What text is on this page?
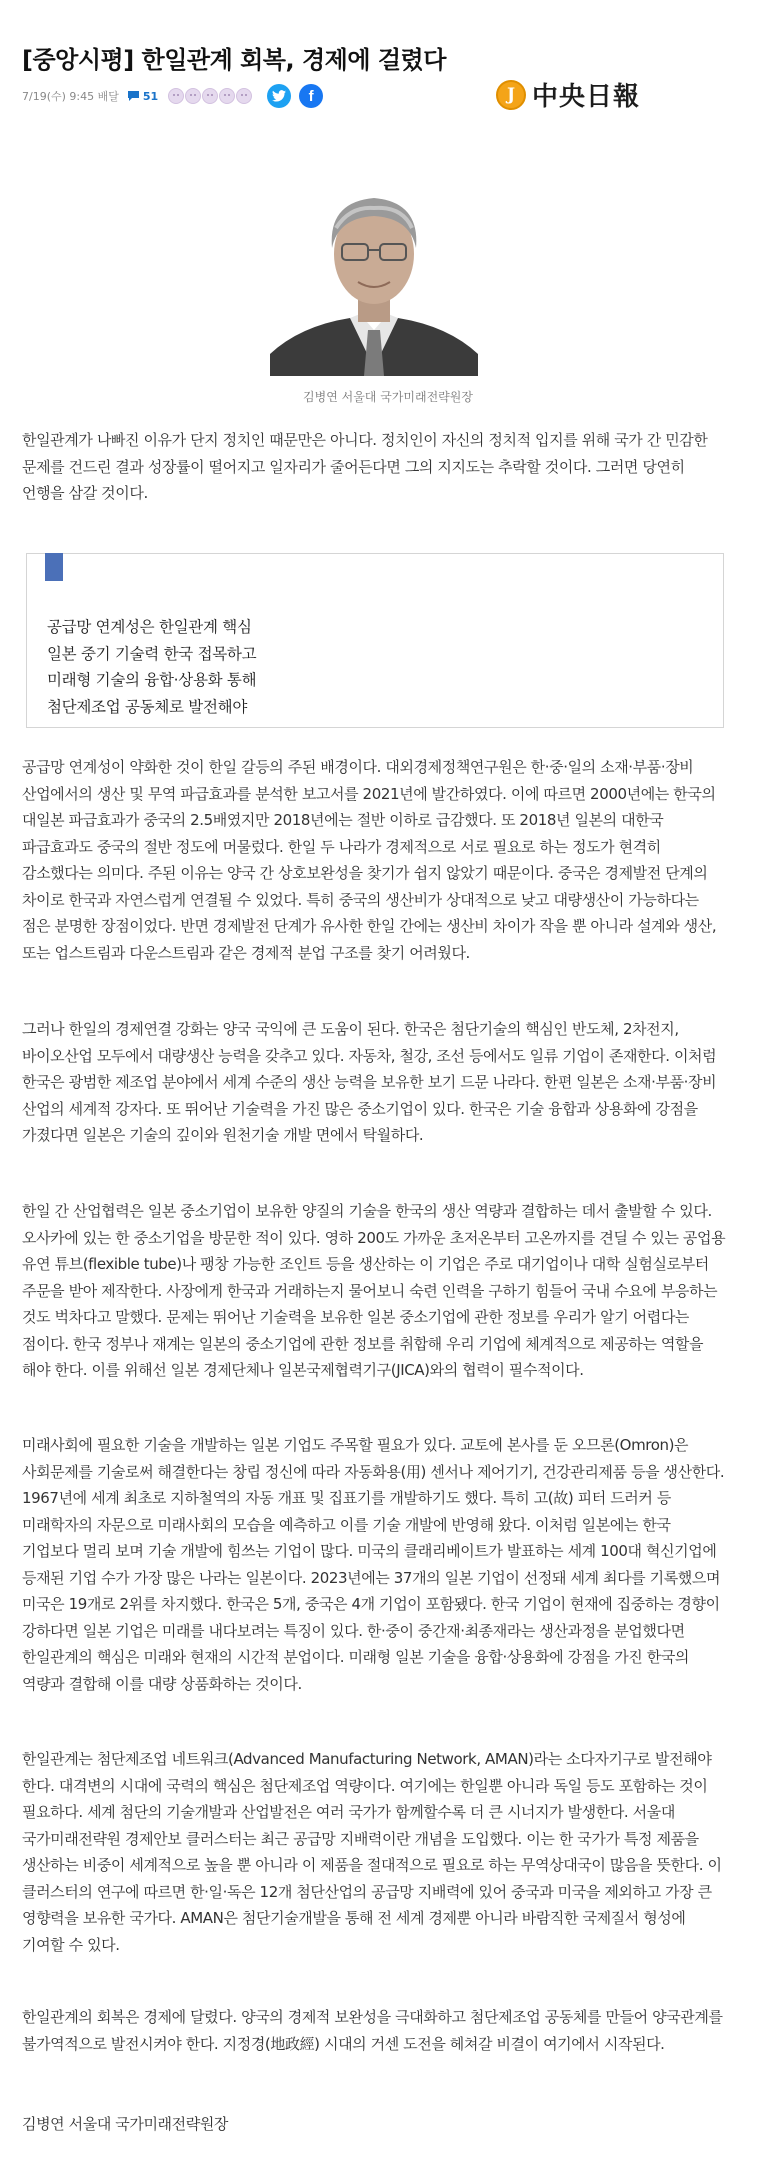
[중앙시평] 한일관계 회복, 경제에 걸렸다
7/19(수) 9:45 배달 51	f	J 中央日報
김병연 서울대 국가미래전략원장

한일관계가 나빠진 이유가 단지 정치인 때문만은 아니다. 정치인이 자신의 정치적 입지를 위해 국가 간 민감한 문제를 건드린 결과 성장률이 떨어지고 일자리가 줄어든다면 그의 지지도는 추락할 것이다. 그러면 당연히 언행을 삼갈 것이다.

공급망 연계성은 한일관계 핵심
일본 중기 기술력 한국 접목하고
미래형 기술의 융합·상용화 통해
첨단제조업 공동체로 발전해야

공급망 연계성이 약화한 것이 한일 갈등의 주된 배경이다. 대외경제정책연구원은 한·중·일의 소재·부품·장비 산업에서의 생산 및 무역 파급효과를 분석한 보고서를 2021년에 발간하였다. 이에 따르면 2000년에는 한국의 대일본 파급효과가 중국의 2.5배였지만 2018년에는 절반 이하로 급감했다. 또 2018년 일본의 대한국 파급효과도 중국의 절반 정도에 머물렀다. 한일 두 나라가 경제적으로 서로 필요로 하는 정도가 현격히 감소했다는 의미다. 주된 이유는 양국 간 상호보완성을 찾기가 쉽지 않았기 때문이다. 중국은 경제발전 단계의 차이로 한국과 자연스럽게 연결될 수 있었다. 특히 중국의 생산비가 상대적으로 낮고 대량생산이 가능하다는 점은 분명한 장점이었다. 반면 경제발전 단계가 유사한 한일 간에는 생산비 차이가 작을 뿐 아니라 설계와 생산, 또는 업스트림과 다운스트림과 같은 경제적 분업 구조를 찾기 어려웠다.

그러나 한일의 경제연결 강화는 양국 국익에 큰 도움이 된다. 한국은 첨단기술의 핵심인 반도체, 2차전지, 바이오산업 모두에서 대량생산 능력을 갖추고 있다. 자동차, 철강, 조선 등에서도 일류 기업이 존재한다. 이처럼 한국은 광범한 제조업 분야에서 세계 수준의 생산 능력을 보유한 보기 드문 나라다. 한편 일본은 소재·부품·장비 산업의 세계적 강자다. 또 뛰어난 기술력을 가진 많은 중소기업이 있다. 한국은 기술 융합과 상용화에 강점을 가졌다면 일본은 기술의 깊이와 원천기술 개발 면에서 탁월하다.

한일 간 산업협력은 일본 중소기업이 보유한 양질의 기술을 한국의 생산 역량과 결합하는 데서 출발할 수 있다. 오사카에 있는 한 중소기업을 방문한 적이 있다. 영하 200도 가까운 초저온부터 고온까지를 견딜 수 있는 공업용 유연 튜브(flexible tube)나 팽창 가능한 조인트 등을 생산하는 이 기업은 주로 대기업이나 대학 실험실로부터 주문을 받아 제작한다. 사장에게 한국과 거래하는지 물어보니 숙련 인력을 구하기 힘들어 국내 수요에 부응하는 것도 벅차다고 말했다. 문제는 뛰어난 기술력을 보유한 일본 중소기업에 관한 정보를 우리가 알기 어렵다는 점이다. 한국 정부나 재계는 일본의 중소기업에 관한 정보를 취합해 우리 기업에 체계적으로 제공하는 역할을 해야 한다. 이를 위해선 일본 경제단체나 일본국제협력기구(JICA)와의 협력이 필수적이다.

미래사회에 필요한 기술을 개발하는 일본 기업도 주목할 필요가 있다. 교토에 본사를 둔 오므론(Omron)은 사회문제를 기술로써 해결한다는 창립 정신에 따라 자동화용(用) 센서나 제어기기, 건강관리제품 등을 생산한다. 1967년에 세계 최초로 지하철역의 자동 개표 및 집표기를 개발하기도 했다. 특히 고(故) 피터 드러커 등 미래학자의 자문으로 미래사회의 모습을 예측하고 이를 기술 개발에 반영해 왔다. 이처럼 일본에는 한국 기업보다 멀리 보며 기술 개발에 힘쓰는 기업이 많다. 미국의 클래리베이트가 발표하는 세계 100대 혁신기업에 등재된 기업 수가 가장 많은 나라는 일본이다. 2023년에는 37개의 일본 기업이 선정돼 세계 최다를 기록했으며 미국은 19개로 2위를 차지했다. 한국은 5개, 중국은 4개 기업이 포함됐다. 한국 기업이 현재에 집중하는 경향이 강하다면 일본 기업은 미래를 내다보려는 특징이 있다. 한·중이 중간재·최종재라는 생산과정을 분업했다면 한일관계의 핵심은 미래와 현재의 시간적 분업이다. 미래형 일본 기술을 융합·상용화에 강점을 가진 한국의 역량과 결합해 이를 대량 상품화하는 것이다.

한일관계는 첨단제조업 네트워크(Advanced Manufacturing Network, AMAN)라는 소다자기구로 발전해야 한다. 대격변의 시대에 국력의 핵심은 첨단제조업 역량이다. 여기에는 한일뿐 아니라 독일 등도 포함하는 것이 필요하다. 세계 첨단의 기술개발과 산업발전은 여러 국가가 함께할수록 더 큰 시너지가 발생한다. 서울대 국가미래전략원 경제안보 클러스터는 최근 공급망 지배력이란 개념을 도입했다. 이는 한 국가가 특정 제품을 생산하는 비중이 세계적으로 높을 뿐 아니라 이 제품을 절대적으로 필요로 하는 무역상대국이 많음을 뜻한다. 이 클러스터의 연구에 따르면 한·일·독은 12개 첨단산업의 공급망 지배력에 있어 중국과 미국을 제외하고 가장 큰 영향력을 보유한 국가다. AMAN은 첨단기술개발을 통해 전 세계 경제뿐 아니라 바람직한 국제질서 형성에 기여할 수 있다.

한일관계의 회복은 경제에 달렸다. 양국의 경제적 보완성을 극대화하고 첨단제조업 공동체를 만들어 양국관계를 불가역적으로 발전시켜야 한다. 지정경(地政經) 시대의 거센 도전을 헤쳐갈 비결이 여기에서 시작된다.

김병연 서울대 국가미래전략원장
